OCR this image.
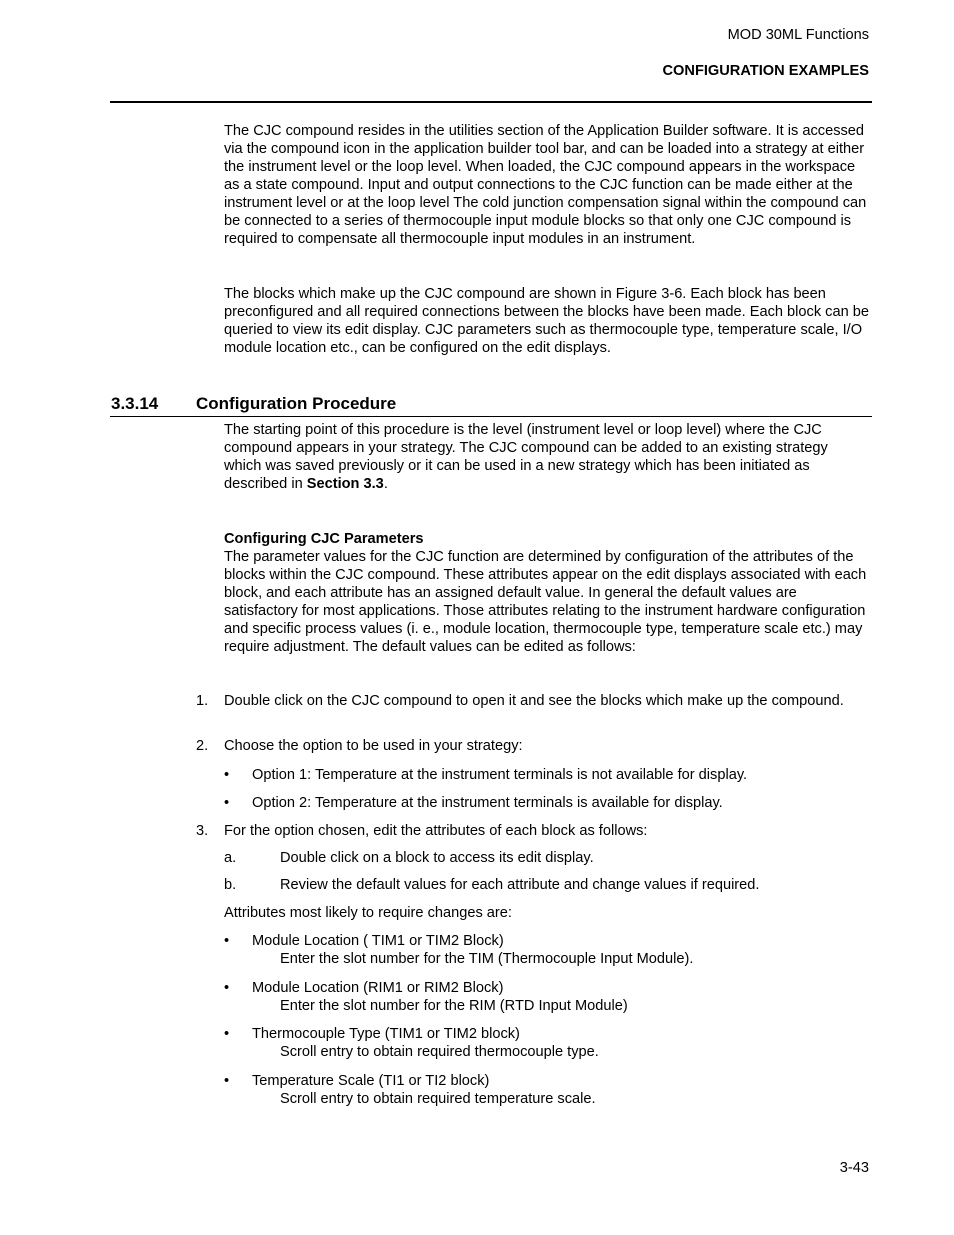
MOD 30ML Functions
CONFIGURATION EXAMPLES
The CJC compound resides in the utilities section of the Application Builder software. It is accessed via the compound icon in the application builder tool bar, and can be loaded into a strategy at either the instrument level or the loop level. When loaded, the CJC compound appears in the workspace as a state compound. Input and output connections to the CJC function can be made either at the instrument level or at the loop level The cold junction compensation signal within the compound can be connected to a series of thermocouple input module blocks so that only one CJC compound is required to compensate all thermocouple input modules in an instrument.
The blocks which make up the CJC compound are shown in Figure 3-6. Each block has been preconfigured and all required connections between the blocks have been made. Each block can be queried to view its edit display. CJC parameters such as thermocouple type, temperature scale, I/O module location etc., can be configured on the edit displays.
3.3.14 Configuration Procedure
The starting point of this procedure is the level (instrument level or loop level) where the CJC compound appears in your strategy. The CJC compound can be added to an existing strategy which was saved previously or it can be used in a new strategy which has been initiated as described in Section 3.3.
Configuring CJC Parameters
The parameter values for the CJC function are determined by configuration of the attributes of the blocks within the CJC compound. These attributes appear on the edit displays associated with each block, and each attribute has an assigned default value. In general the default values are satisfactory for most applications. Those attributes relating to the instrument hardware configuration and specific process values (i. e., module location, thermocouple type, temperature scale etc.) may require adjustment. The default values can be edited as follows:
1. Double click on the CJC compound to open it and see the blocks which make up the compound.
2. Choose the option to be used in your strategy:
• Option 1: Temperature at the instrument terminals is not available for display.
• Option 2: Temperature at the instrument terminals is available for display.
3. For the option chosen, edit the attributes of each block as follows:
a.	Double click on a block to access its edit display.
b.	Review the default values for each attribute and change values if required.
Attributes most likely to require changes are:
• Module Location ( TIM1 or TIM2 Block)
Enter the slot number for the TIM (Thermocouple Input Module).
• Module Location (RIM1 or RIM2 Block)
Enter the slot number for the RIM (RTD Input Module)
• Thermocouple Type (TIM1 or TIM2 block)
Scroll entry to obtain required thermocouple type.
• Temperature Scale (TI1 or TI2 block)
Scroll entry to obtain required temperature scale.
3-43
